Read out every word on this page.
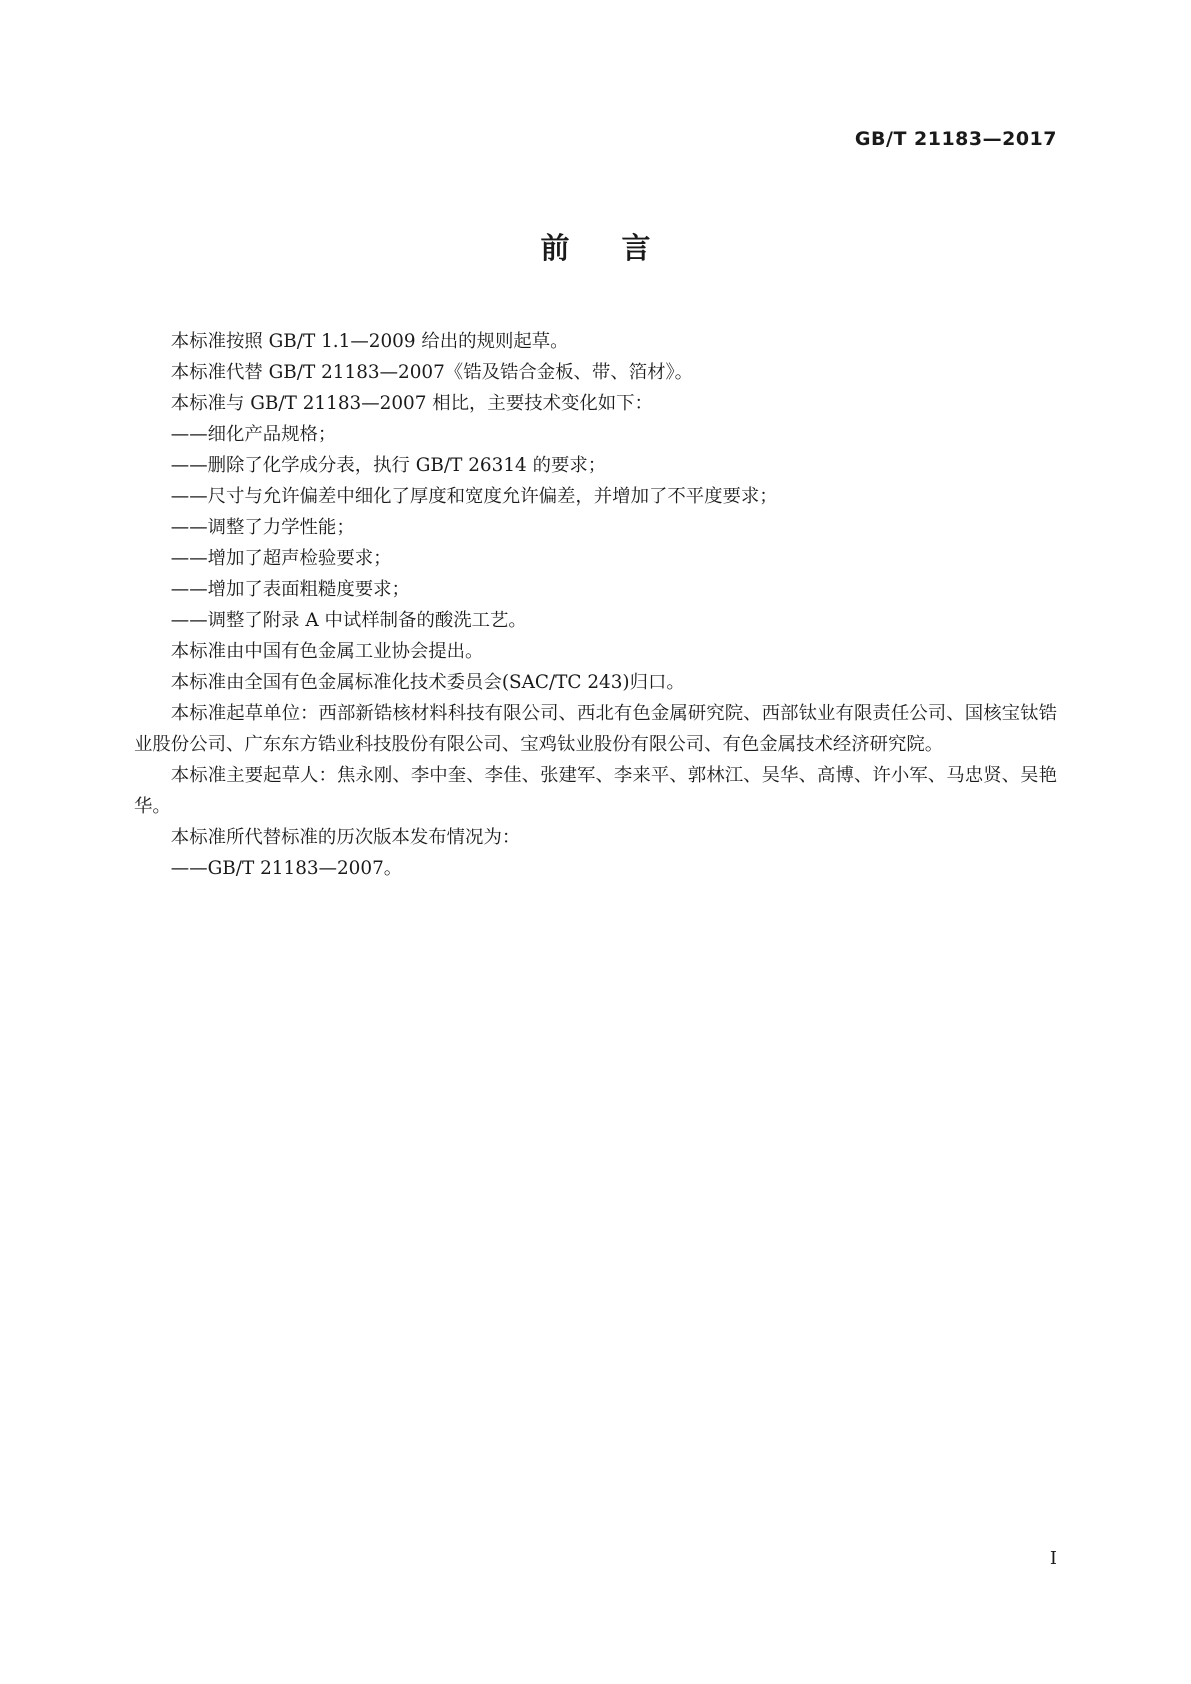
GB/T 21183—2017
前言

本标准按照 GB/T 1.1—2009 给出的规则起草。

本标准代替 GB/T 21183—2007《锆及锆合金板、带、箔材》。

本标准与 GB/T 21183—2007 相比，主要技术变化如下：

——细化产品规格；

——删除了化学成分表，执行 GB/T 26314 的要求；

——尺寸与允许偏差中细化了厚度和宽度允许偏差，并增加了不平度要求；

——调整了力学性能；

——增加了超声检验要求；

——增加了表面粗糙度要求；

——调整了附录 A 中试样制备的酸洗工艺。

本标准由中国有色金属工业协会提出。

本标准由全国有色金属标准化技术委员会(SAC/TC 243)归口。

本标准起草单位：西部新锆核材料科技有限公司、西北有色金属研究院、西部钛业有限责任公司、国核宝钛锆业股份公司、广东东方锆业科技股份有限公司、宝鸡钛业股份有限公司、有色金属技术经济研究院。

本标准主要起草人：焦永刚、李中奎、李佳、张建军、李来平、郭林江、吴华、高博、许小军、马忠贤、吴艳华。

本标准所代替标准的历次版本发布情况为：

——GB/T 21183—2007。

I
